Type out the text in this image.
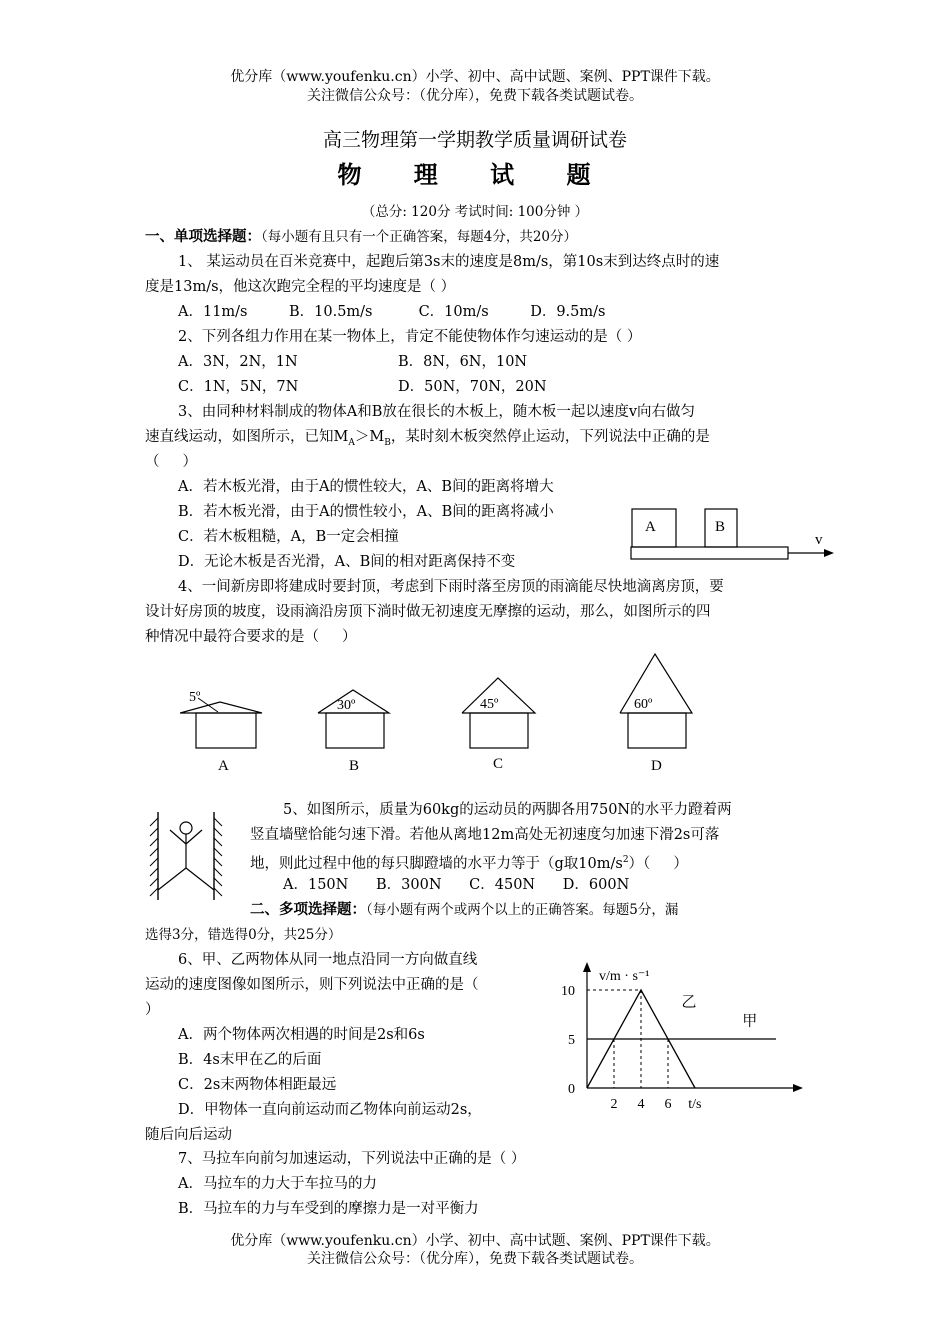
优分库（www.youfenku.cn）小学、初中、高中试题、案例、PPT课件下载。
关注微信公众号：（优分库），免费下载各类试题试卷。
高三物理第一学期教学质量调研试卷
物 理 试 题
（总分: 120分 考试时间: 100分钟 ）
一、单项选择题：（每小题有且只有一个正确答案，每题4分，共20分）
1、 某运动员在百米竞赛中，起跑后第3s末的速度是8m/s，第10s末到达终点时的速
度是13m/s，他这次跑完全程的平均速度是（ ）
A．11m/s         B．10.5m/s          C．10m/s         D．9.5m/s
2、下列各组力作用在某一物体上，肯定不能使物体作匀速运动的是（ ）
A．3N，2N，1N	B．8N，6N，10N
C．1N，5N，7N	D．50N，70N，20N
3、由同种材料制成的物体A和B放在很长的木板上，随木板一起以速度v向右做匀
速直线运动，如图所示，已知$M_A>M_B$，某时刻木板突然停止运动，下列说法中正确的是
（     ）
A．若木板光滑，由于A的惯性较大，A、B间的距离将增大
B．若木板光滑，由于A的惯性较小，A、B间的距离将减小
C．若木板粗糙，A，B一定会相撞
D．无论木板是否光滑，A、B间的相对距离保持不变
A	B
v
4、一间新房即将建成时要封顶，考虑到下雨时落至房顶的雨滴能尽快地滴离房顶，要
设计好房顶的坡度，设雨滴沿房顶下淌时做无初速度无摩擦的运动，那么，如图所示的四
种情况中最符合要求的是（     ）
5º
A
30º
B
45º
C
60º
D
5、如图所示，质量为60kg的运动员的两脚各用750N的水平力蹬着两
竖直墙壁恰能匀速下滑。若他从离地12m高处无初速度匀加速下滑2s可落
地，则此过程中他的每只脚蹬墙的水平力等于（g取$10m/s^2$）（     ）
A．150N      B．300N      C．450N      D．600N
二、多项选择题：（每小题有两个或两个以上的正确答案。每题5分，漏
选得3分，错选得0分，共25分）
6、甲、乙两物体从同一地点沿同一方向做直线
运动的速度图像如图所示，则下列说法中正确的是（
）
A．两个物体两次相遇的时间是2s和6s
B．4s末甲在乙的后面
C．2s末两物体相距最远
D．甲物体一直向前运动而乙物体向前运动2s，
随后向后运动
v/m · s⁻¹
t/s
0
5
10
2 4 6
甲
乙
7、马拉车向前匀加速运动，下列说法中正确的是（ ）
A．马拉车的力大于车拉马的力
B．马拉车的力与车受到的摩擦力是一对平衡力
优分库（www.youfenku.cn）小学、初中、高中试题、案例、PPT课件下载。
关注微信公众号：（优分库），免费下载各类试题试卷。
